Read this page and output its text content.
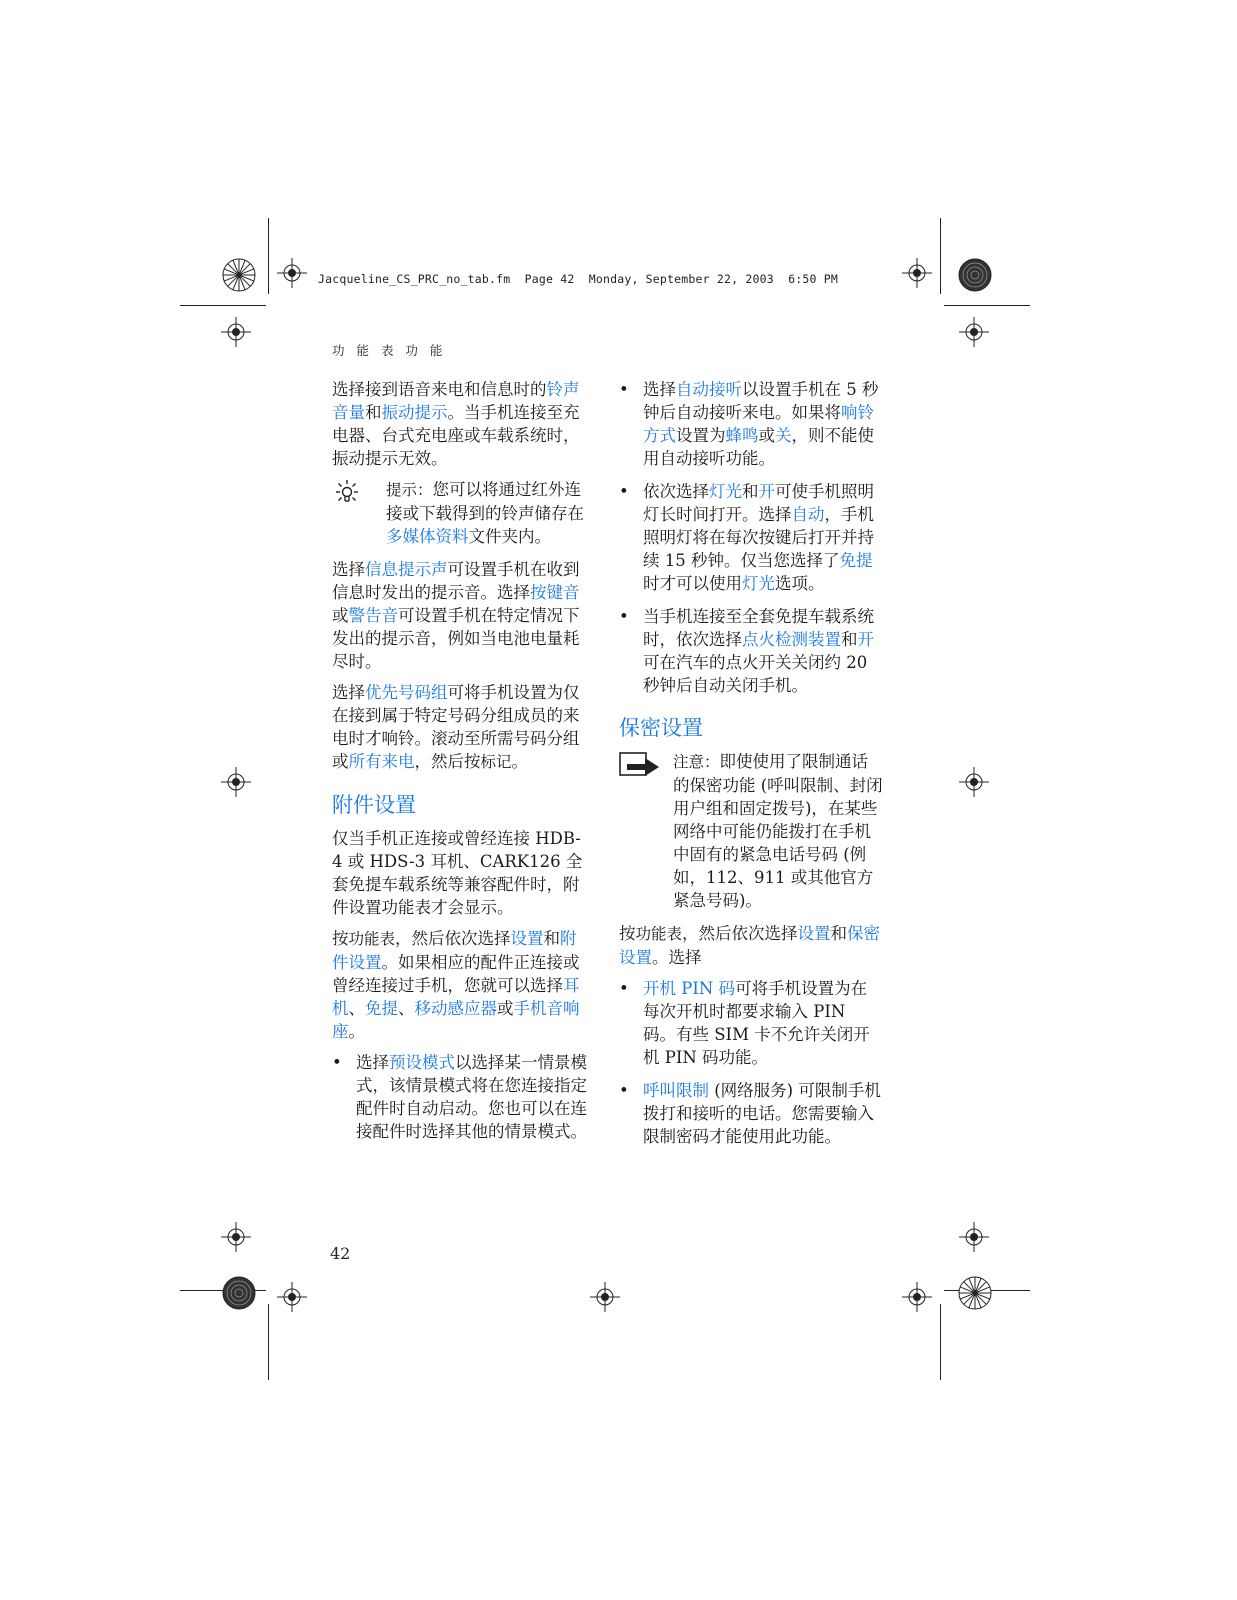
Jacqueline_CS_PRC_no_tab.fm  Page 42  Monday, September 22, 2003  6:50 PM
功 能 表 功 能

选择接到语音来电和信息时的铃声音量和振动提示。当手机连接至充电器、台式充电座或车载系统时，振动提示无效。

提示：您可以将通过红外连接或下载得到的铃声储存在多媒体资料文件夹内。

选择信息提示声可设置手机在收到信息时发出的提示音。选择按键音或警告音可设置手机在特定情况下发出的提示音，例如当电池电量耗尽时。

选择优先号码组可将手机设置为仅在接到属于特定号码分组成员的来电时才响铃。滚动至所需号码分组或所有来电，然后按标记。

附件设置

仅当手机正连接或曾经连接 HDB-4 或 HDS-3 耳机、CARK126 全套免提车载系统等兼容配件时，附件设置功能表才会显示。

按功能表，然后依次选择设置和附件设置。如果相应的配件正连接或曾经连接过手机，您就可以选择耳机、免提、移动感应器或手机音响座。

• 选择预设模式以选择某一情景模式，该情景模式将在您连接指定配件时自动启动。您也可以在连接配件时选择其他的情景模式。
• 选择自动接听以设置手机在 5 秒钟后自动接听来电。如果将响铃方式设置为蜂鸣或关，则不能使用自动接听功能。
• 依次选择灯光和开可使手机照明灯长时间打开。选择自动，手机照明灯将在每次按键后打开并持续 15 秒钟。仅当您选择了免提时才可以使用灯光选项。
• 当手机连接至全套免提车载系统时，依次选择点火检测装置和开可在汽车的点火开关关闭约 20 秒钟后自动关闭手机。
保密设置
注意：即使使用了限制通话的保密功能 (呼叫限制、封闭用户组和固定拨号)，在某些网络中可能仍能拨打在手机中固有的紧急电话号码 (例如，112、911 或其他官方紧急号码)。

按功能表，然后依次选择设置和保密设置。选择

• 开机 PIN 码可将手机设置为在每次开机时都要求输入 PIN 码。有些 SIM 卡不允许关闭开机 PIN 码功能。
• 呼叫限制 (网络服务) 可限制手机拨打和接听的电话。您需要输入限制密码才能使用此功能。
42
